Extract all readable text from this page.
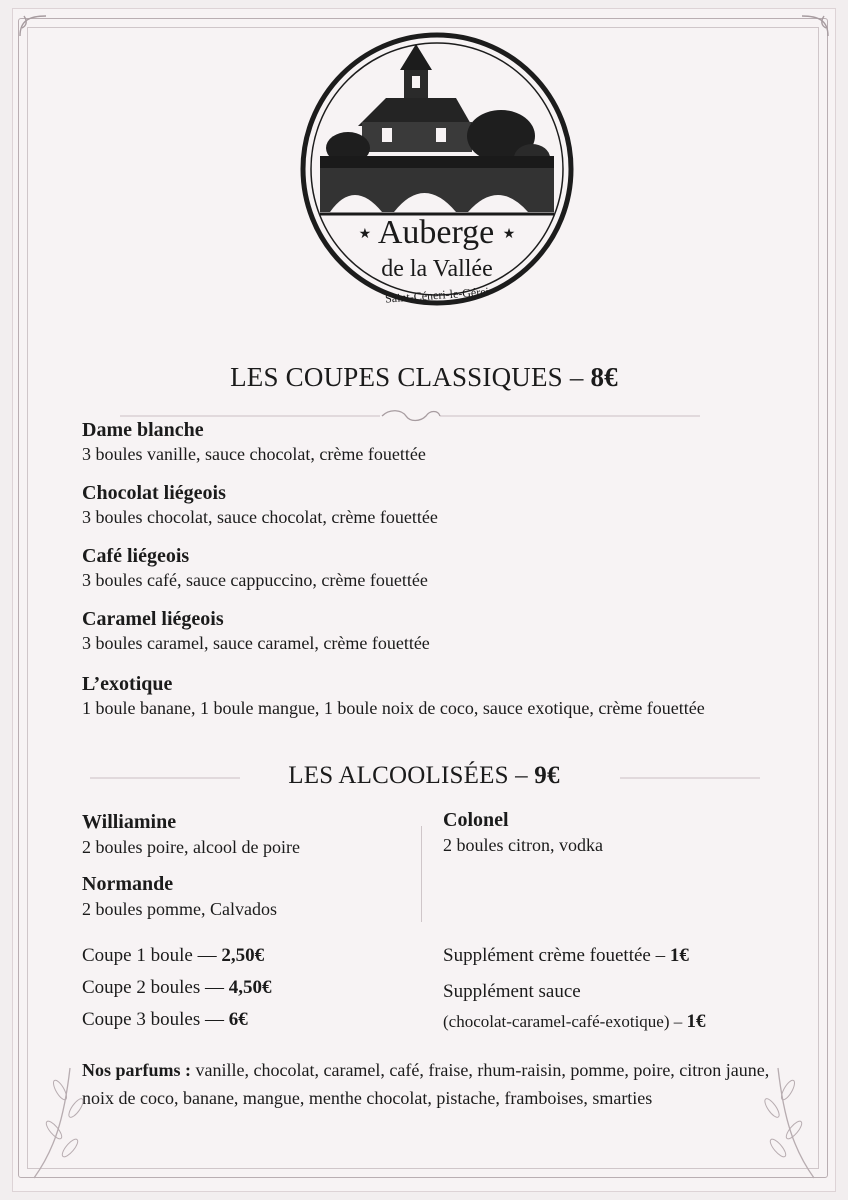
★ Auberge ★
de la Vallée
Saint-Céneri-le-Gérei
LES COUPES CLASSIQUES – 8€
Dame blanche
3 boules vanille, sauce chocolat, crème fouettée
Chocolat liégeois
3 boules chocolat, sauce chocolat, crème fouettée
Café liégeois
3 boules café, sauce cappuccino, crème fouettée
Caramel liégeois
3 boules caramel, sauce caramel, crème fouettée
L’exotique
1 boule banane, 1 boule mangue, 1 boule noix de coco, sauce exotique, crème fouettée
LES ALCOOLISÉES – 9€
Williamine
2 boules poire, alcool de poire
Normande
2 boules pomme, Calvados
Colonel
2 boules citron, vodka
Coupe 1 boule — 2,50€
Coupe 2 boules — 4,50€
Coupe 3 boules — 6€
Supplément crème fouettée – 1€
Supplément sauce
(chocolat-caramel-café-exotique) – 1€
Nos parfums : vanille, chocolat, caramel, café, fraise, rhum-raisin, pomme, poire, citron jaune, noix de coco, banane, mangue, menthe chocolat, pistache, framboises, smarties
